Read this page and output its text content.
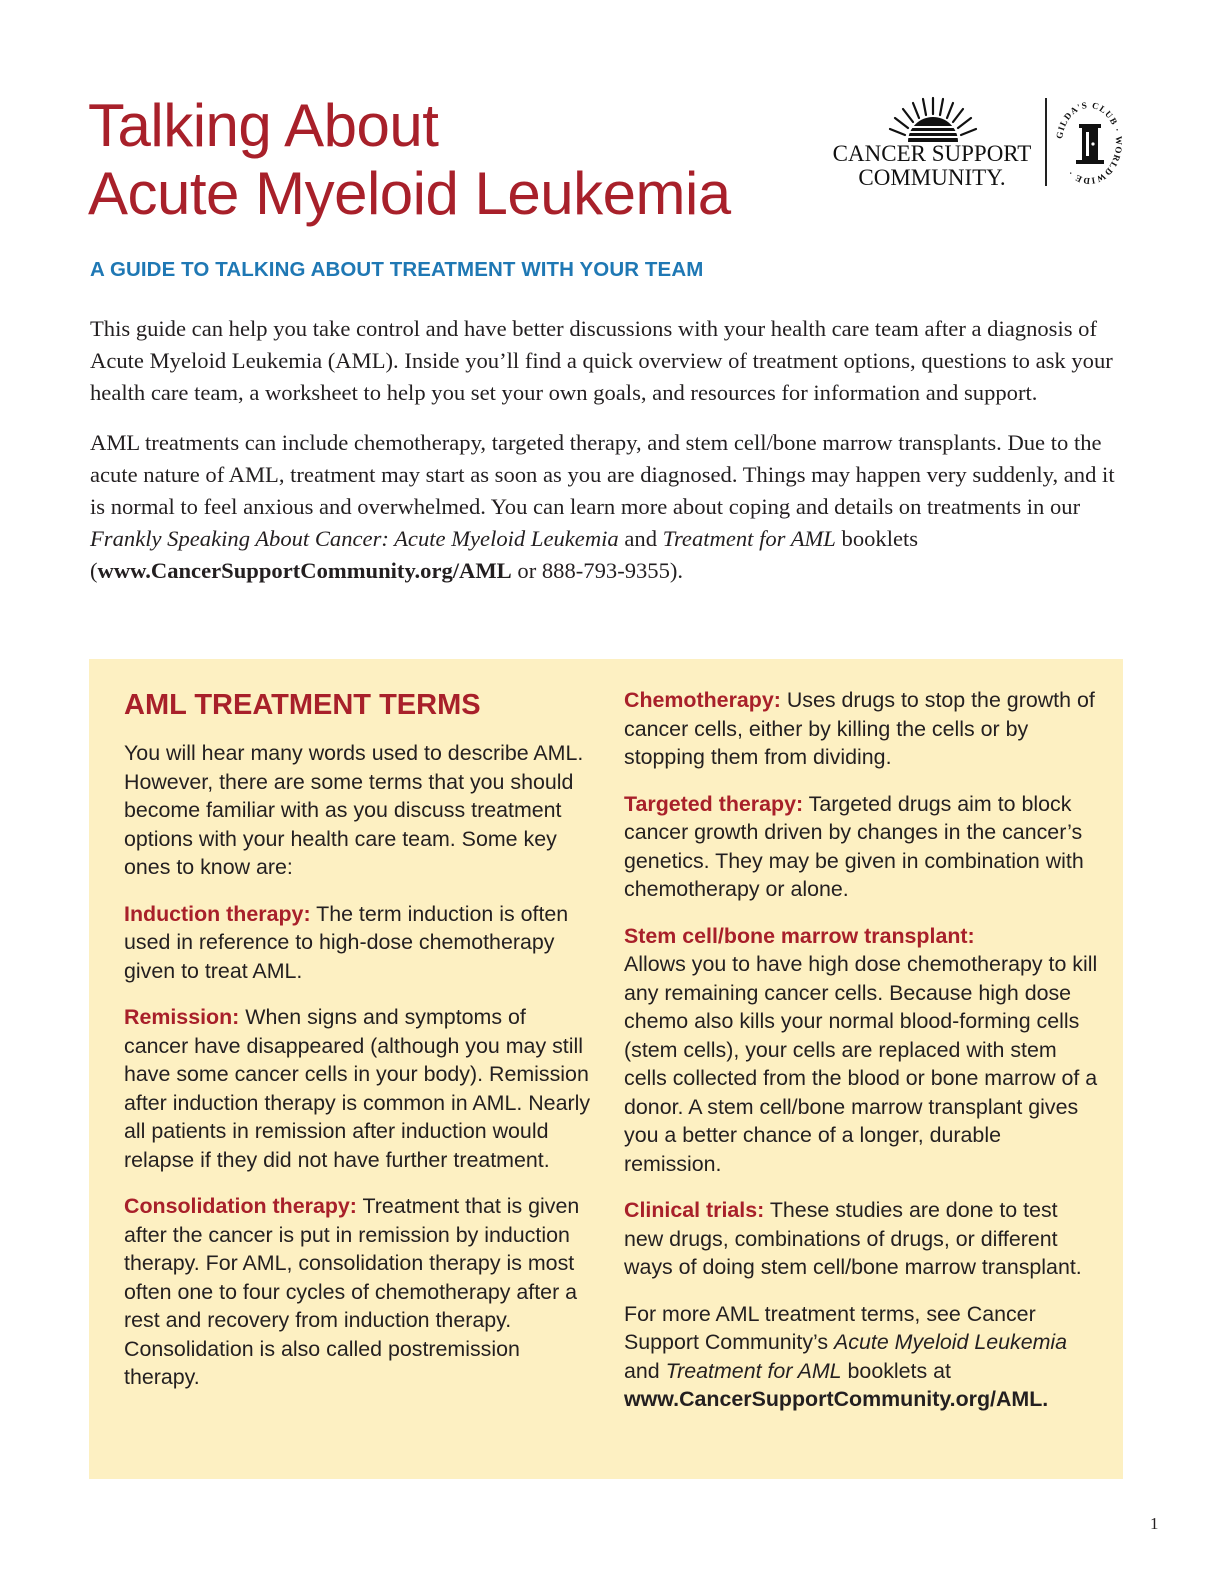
Talking About
Acute Myeloid Leukemia
CANCER SUPPORT
COMMUNITY.
GILDA'S CLUB · WORLDWIDE ·
A GUIDE TO TALKING ABOUT TREATMENT WITH YOUR TEAM

This guide can help you take control and have better discussions with your health care team after a diagnosis of Acute Myeloid Leukemia (AML). Inside you’ll find a quick overview of treatment options, questions to ask your health care team, a worksheet to help you set your own goals, and resources for information and support.

AML treatments can include chemotherapy, targeted therapy, and stem cell/bone marrow transplants. Due to the acute nature of AML, treatment may start as soon as you are diagnosed. Things may happen very suddenly, and it is normal to feel anxious and overwhelmed. You can learn more about coping and details on treatments in our Frankly Speaking About Cancer: Acute Myeloid Leukemia and Treatment for AML booklets (www.CancerSupportCommunity.org/AML or 888-793-9355).

AML TREATMENT TERMS

You will hear many words used to describe AML. However, there are some terms that you should become familiar with as you discuss treatment options with your health care team. Some key ones to know are:

Induction therapy: The term induction is often used in reference to high-dose chemotherapy given to treat AML.

Remission: When signs and symptoms of cancer have disappeared (although you may still have some cancer cells in your body). Remission after induction therapy is common in AML. Nearly all patients in remission after induction would relapse if they did not have further treatment.

Consolidation therapy: Treatment that is given after the cancer is put in remission by induction therapy. For AML, consolidation therapy is most often one to four cycles of chemotherapy after a rest and recovery from induction therapy. Consolidation is also called postremission therapy.

Chemotherapy: Uses drugs to stop the growth of cancer cells, either by killing the cells or by stopping them from dividing.

Targeted therapy: Targeted drugs aim to block cancer growth driven by changes in the cancer’s genetics. They may be given in combination with chemotherapy or alone.

Stem cell/bone marrow transplant:
Allows you to have high dose chemotherapy to kill any remaining cancer cells. Because high dose chemo also kills your normal blood-forming cells (stem cells), your cells are replaced with stem cells collected from the blood or bone marrow of a donor. A stem cell/bone marrow transplant gives you a better chance of a longer, durable remission.

Clinical trials: These studies are done to test new drugs, combinations of drugs, or different ways of doing stem cell/bone marrow transplant.

For more AML treatment terms, see Cancer Support Community’s Acute Myeloid Leukemia and Treatment for AML booklets at www.CancerSupportCommunity.org/AML.

1
